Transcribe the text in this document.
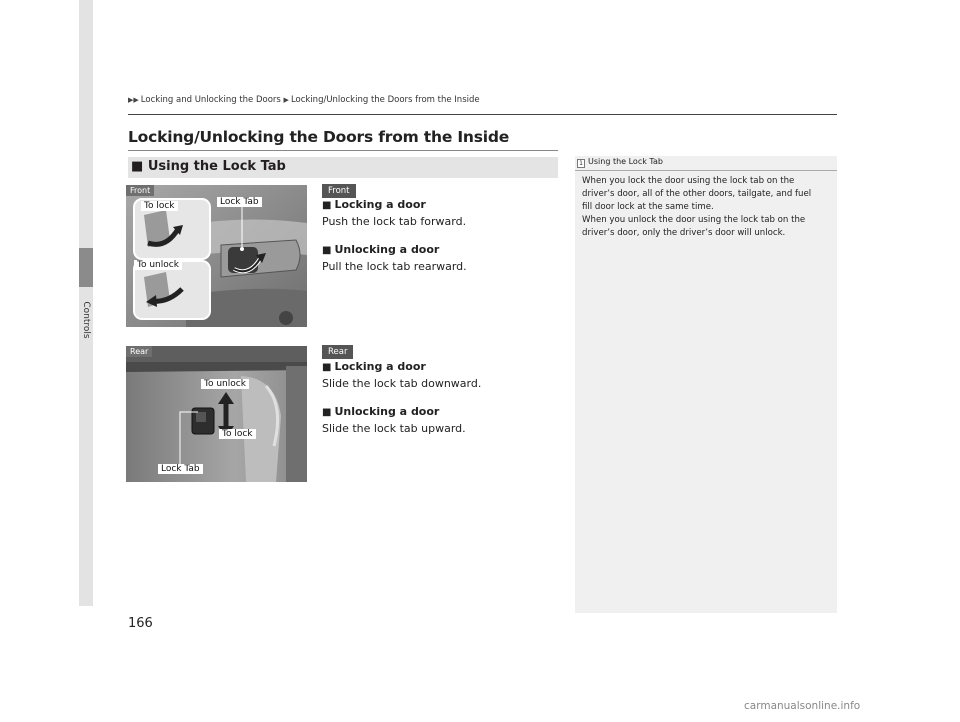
Controls
▶▶ Locking and Unlocking the Doors ▶ Locking/Unlocking the Doors from the Inside
Locking/Unlocking the Doors from the Inside
■ Using the Lock Tab
Front
To lock	Lock Tab
To unlock
Rear
To unlock
To lock
Lock Tab
Front
■ Locking a door
Push the lock tab forward.
■ Unlocking a door
Pull the lock tab rearward.
Rear
■ Locking a door
Slide the lock tab downward.
■ Unlocking a door
Slide the lock tab upward.
1 Using the Lock Tab

When you lock the door using the lock tab on the

driver’s door, all of the other doors, tailgate, and fuel

fill door lock at the same time.

When you unlock the door using the lock tab on the

driver’s door, only the driver’s door will unlock.

166
carmanualsonline.info
